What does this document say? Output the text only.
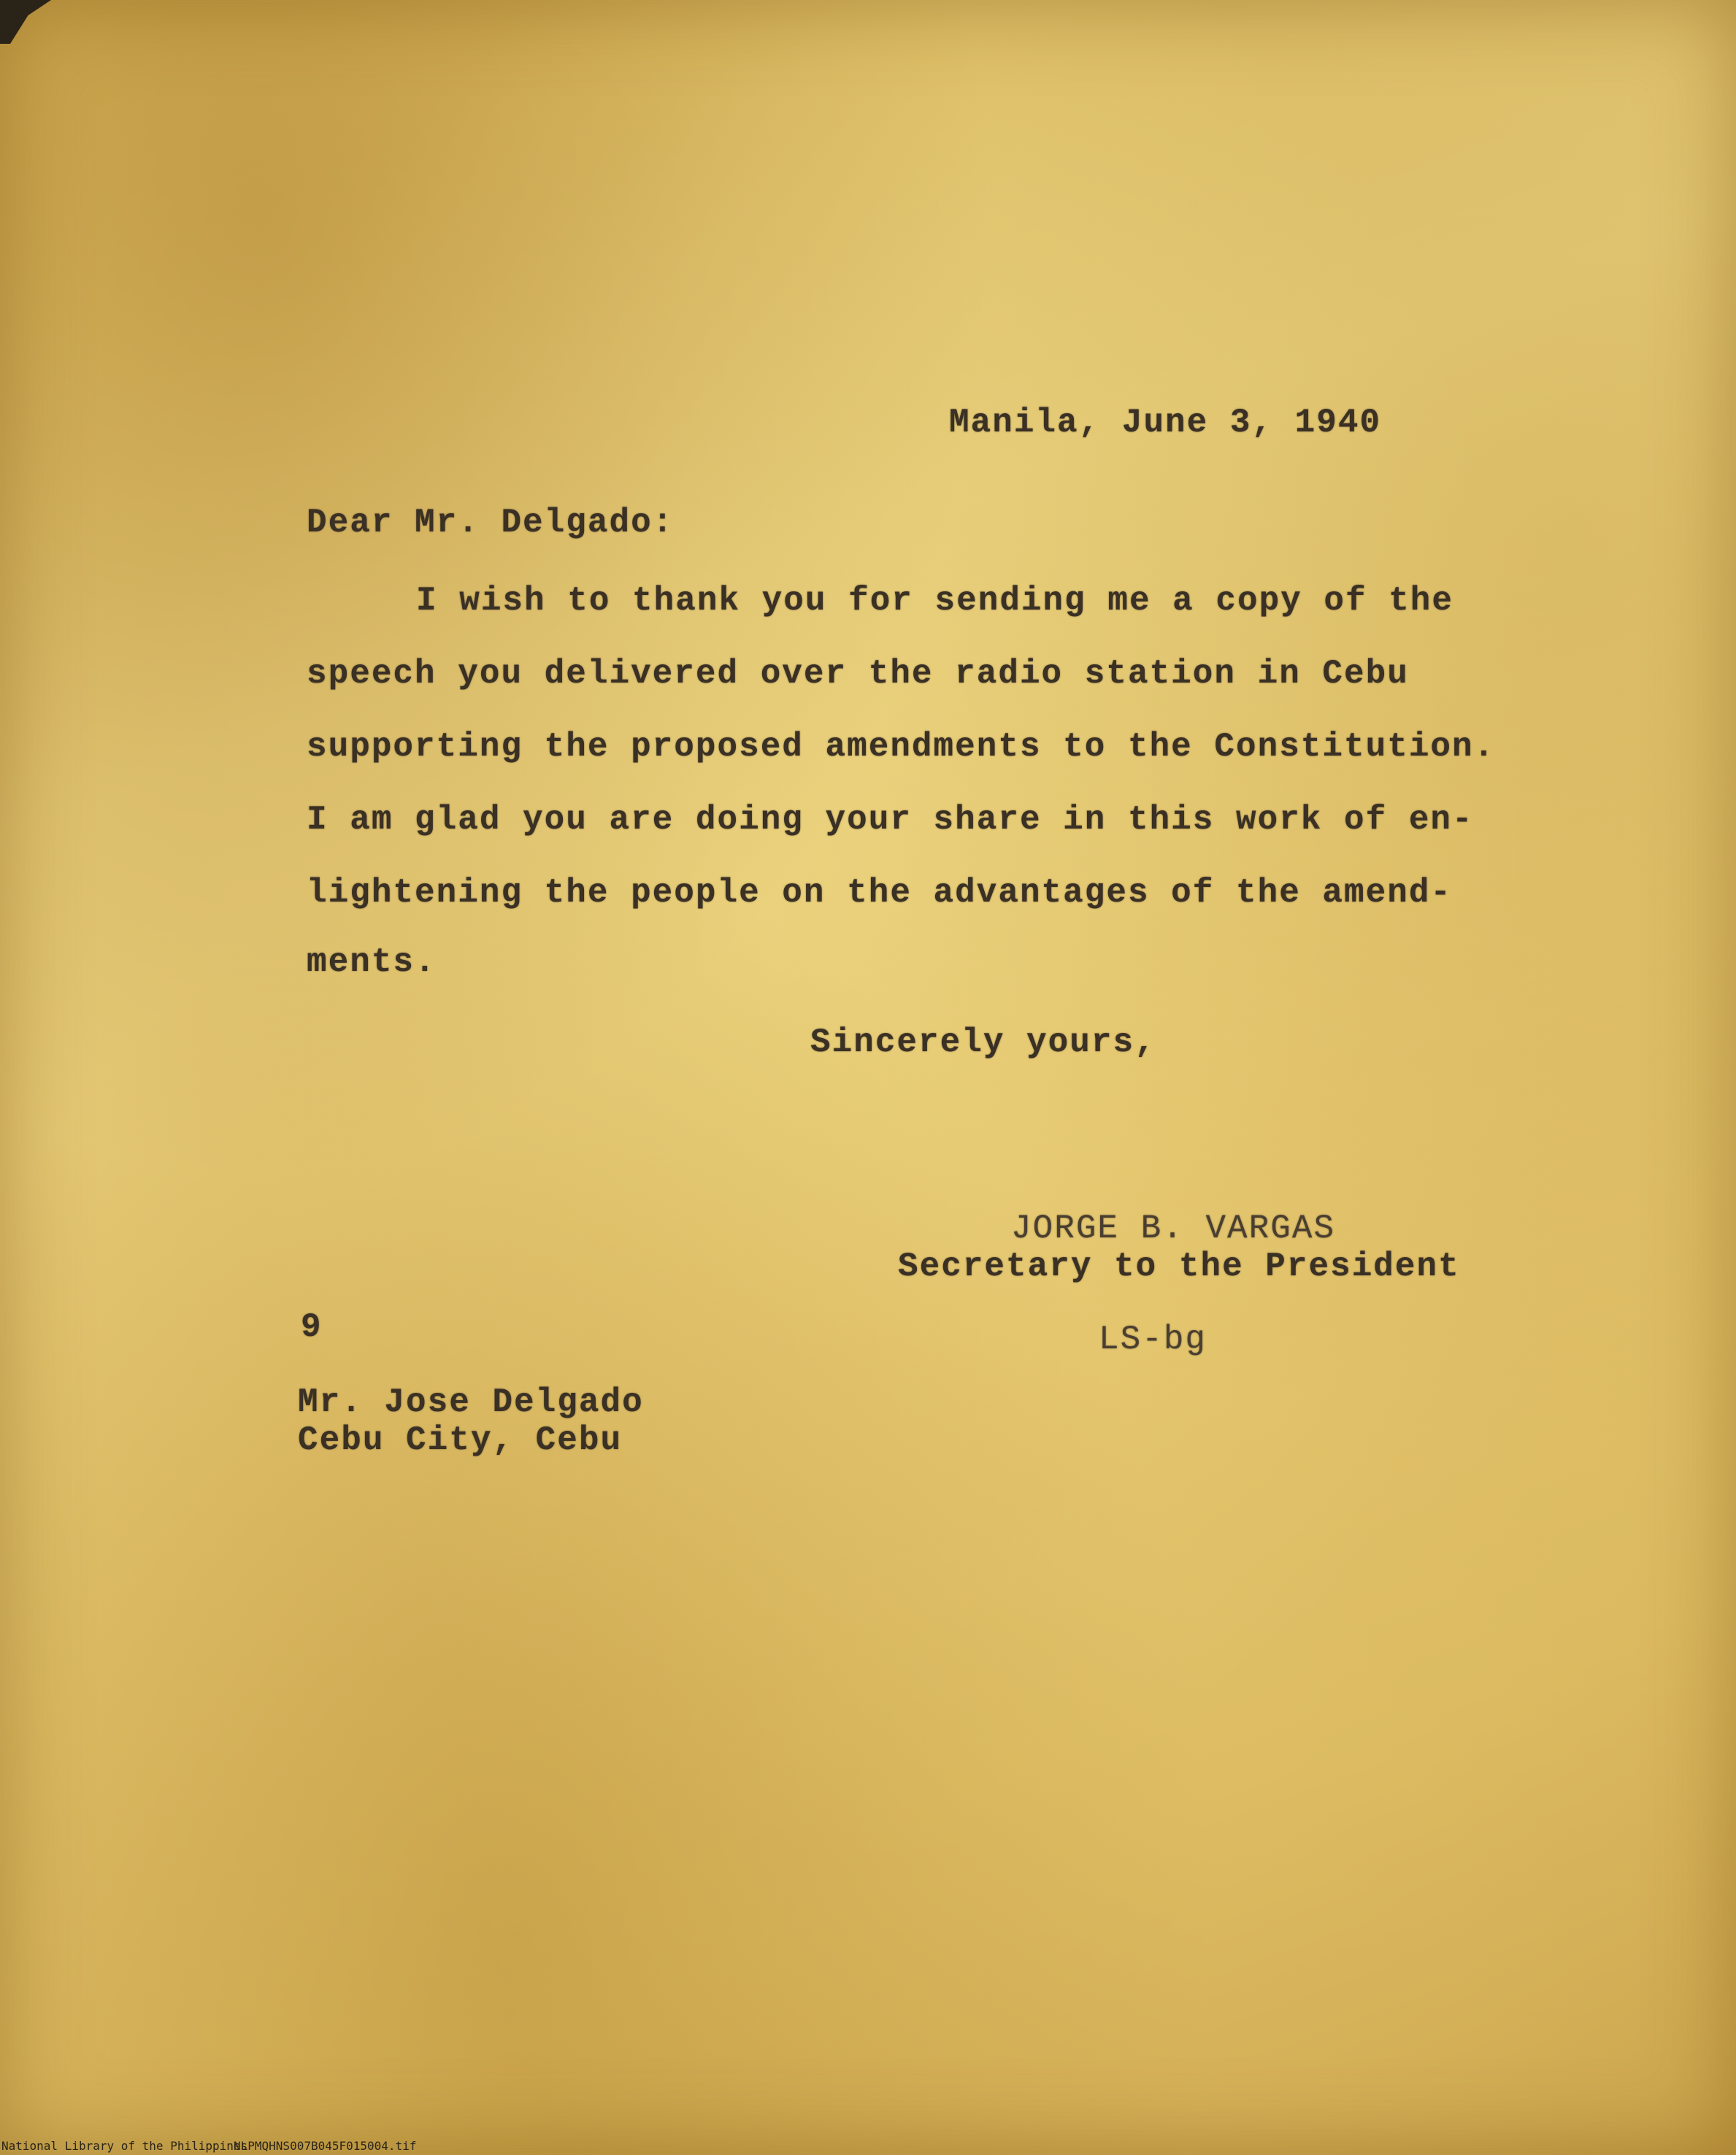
Manila, June 3, 1940
Dear Mr. Delgado:
I wish to thank you for sending me a copy of the
speech you delivered over the radio station in Cebu
supporting the proposed amendments to the Constitution.
I am glad you are doing your share in this work of en-
lightening the people on the advantages of the amend-
ments.
Sincerely yours,
JORGE B. VARGAS
Secretary to the President
9	LS-bg
Mr. Jose Delgado
Cebu City, Cebu
National Library of the Philippines
NLPMQHNS007B045F015004.tif
